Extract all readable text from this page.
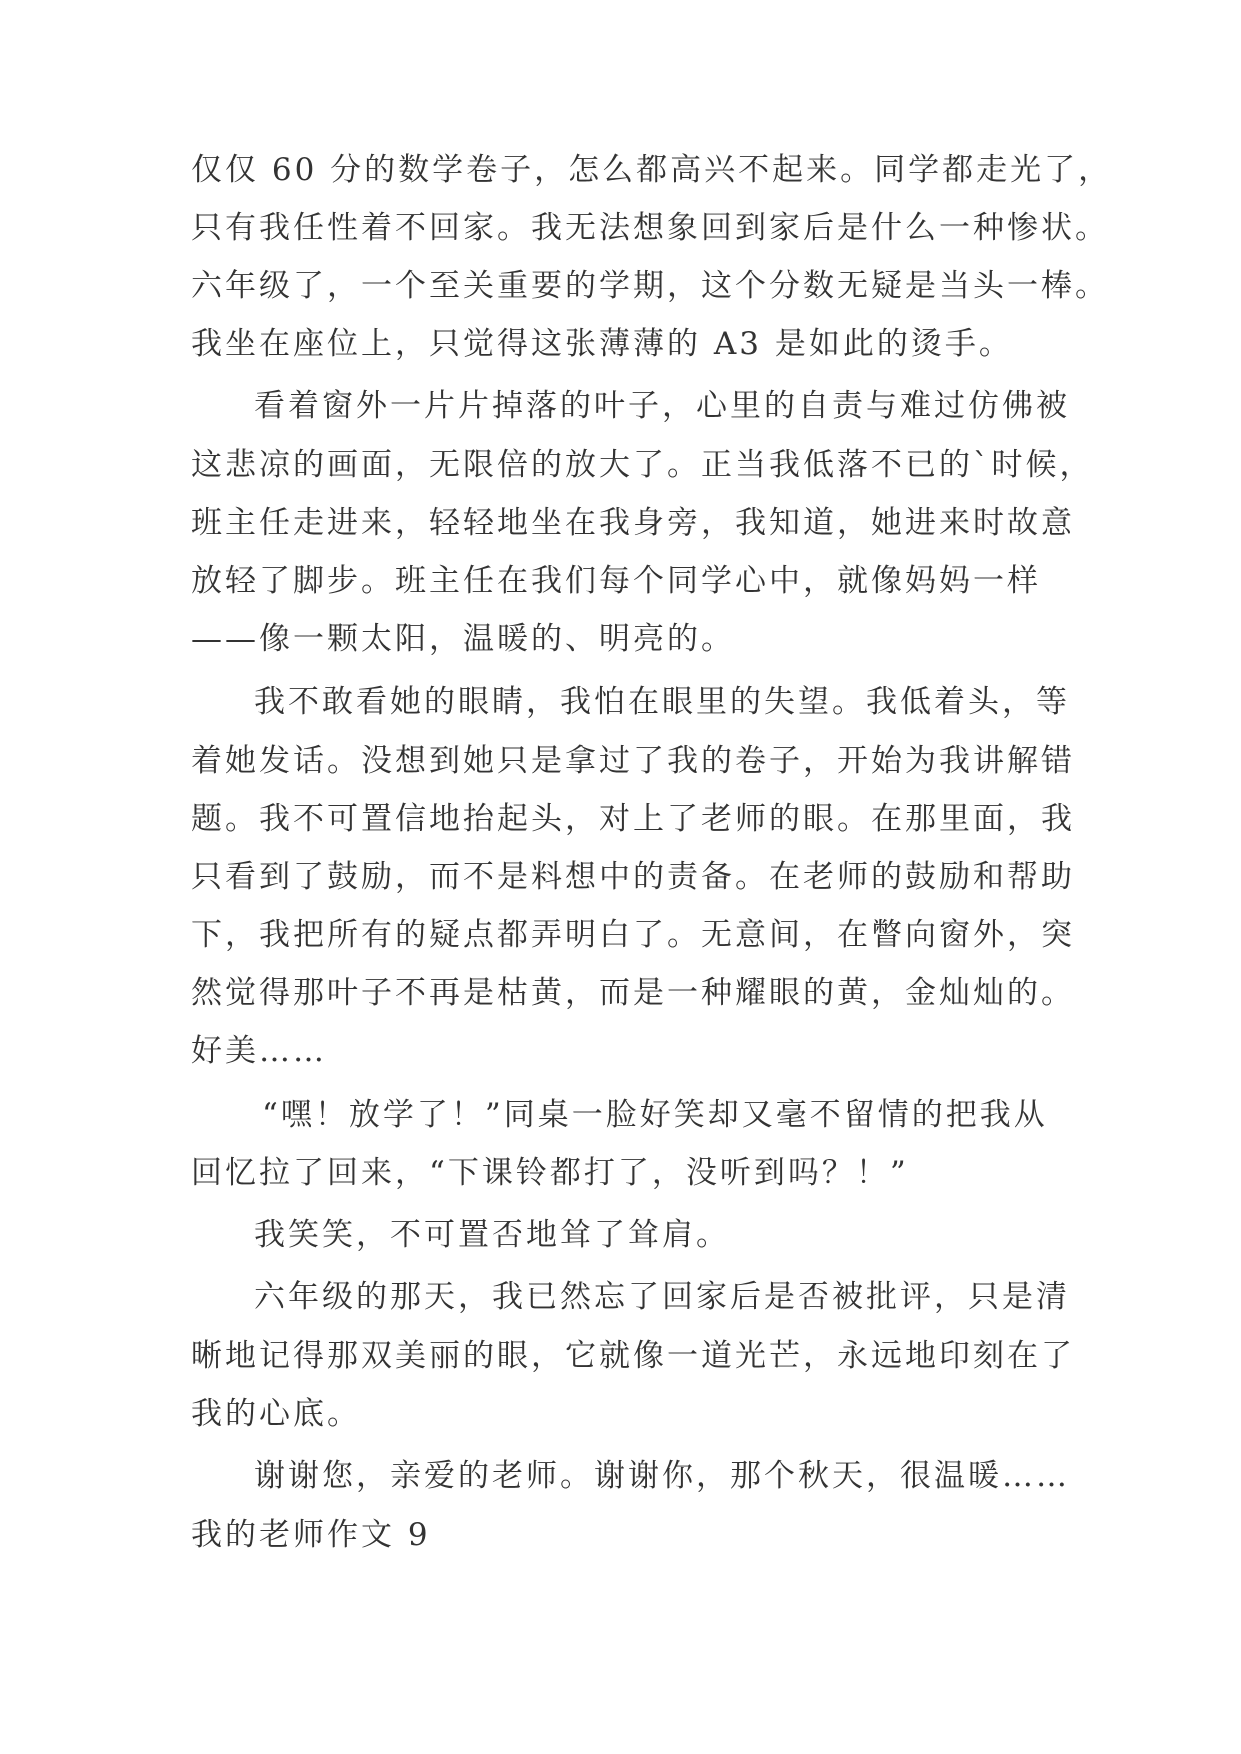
仅仅 60 分的数学卷子，怎么都高兴不起来。同学都走光了，
只有我任性着不回家。我无法想象回到家后是什么一种惨状。
六年级了，一个至关重要的学期，这个分数无疑是当头一棒。
我坐在座位上，只觉得这张薄薄的 A3 是如此的烫手。
看着窗外一片片掉落的叶子，心里的自责与难过仿佛被
这悲凉的画面，无限倍的放大了。正当我低落不已的`时候，
班主任走进来，轻轻地坐在我身旁，我知道，她进来时故意
放轻了脚步。班主任在我们每个同学心中，就像妈妈一样
——像一颗太阳，温暖的、明亮的。
我不敢看她的眼睛，我怕在眼里的失望。我低着头，等
着她发话。没想到她只是拿过了我的卷子，开始为我讲解错
题。我不可置信地抬起头，对上了老师的眼。在那里面，我
只看到了鼓励，而不是料想中的责备。在老师的鼓励和帮助
下，我把所有的疑点都弄明白了。无意间，在瞥向窗外，突
然觉得那叶子不再是枯黄，而是一种耀眼的黄，金灿灿的。
好美……
“嘿！放学了！”同桌一脸好笑却又毫不留情的把我从
回忆拉了回来，“下课铃都打了，没听到吗？！”
我笑笑，不可置否地耸了耸肩。
六年级的那天，我已然忘了回家后是否被批评，只是清
晰地记得那双美丽的眼，它就像一道光芒，永远地印刻在了
我的心底。
谢谢您，亲爱的老师。谢谢你，那个秋天，很温暖……
我的老师作文 9
